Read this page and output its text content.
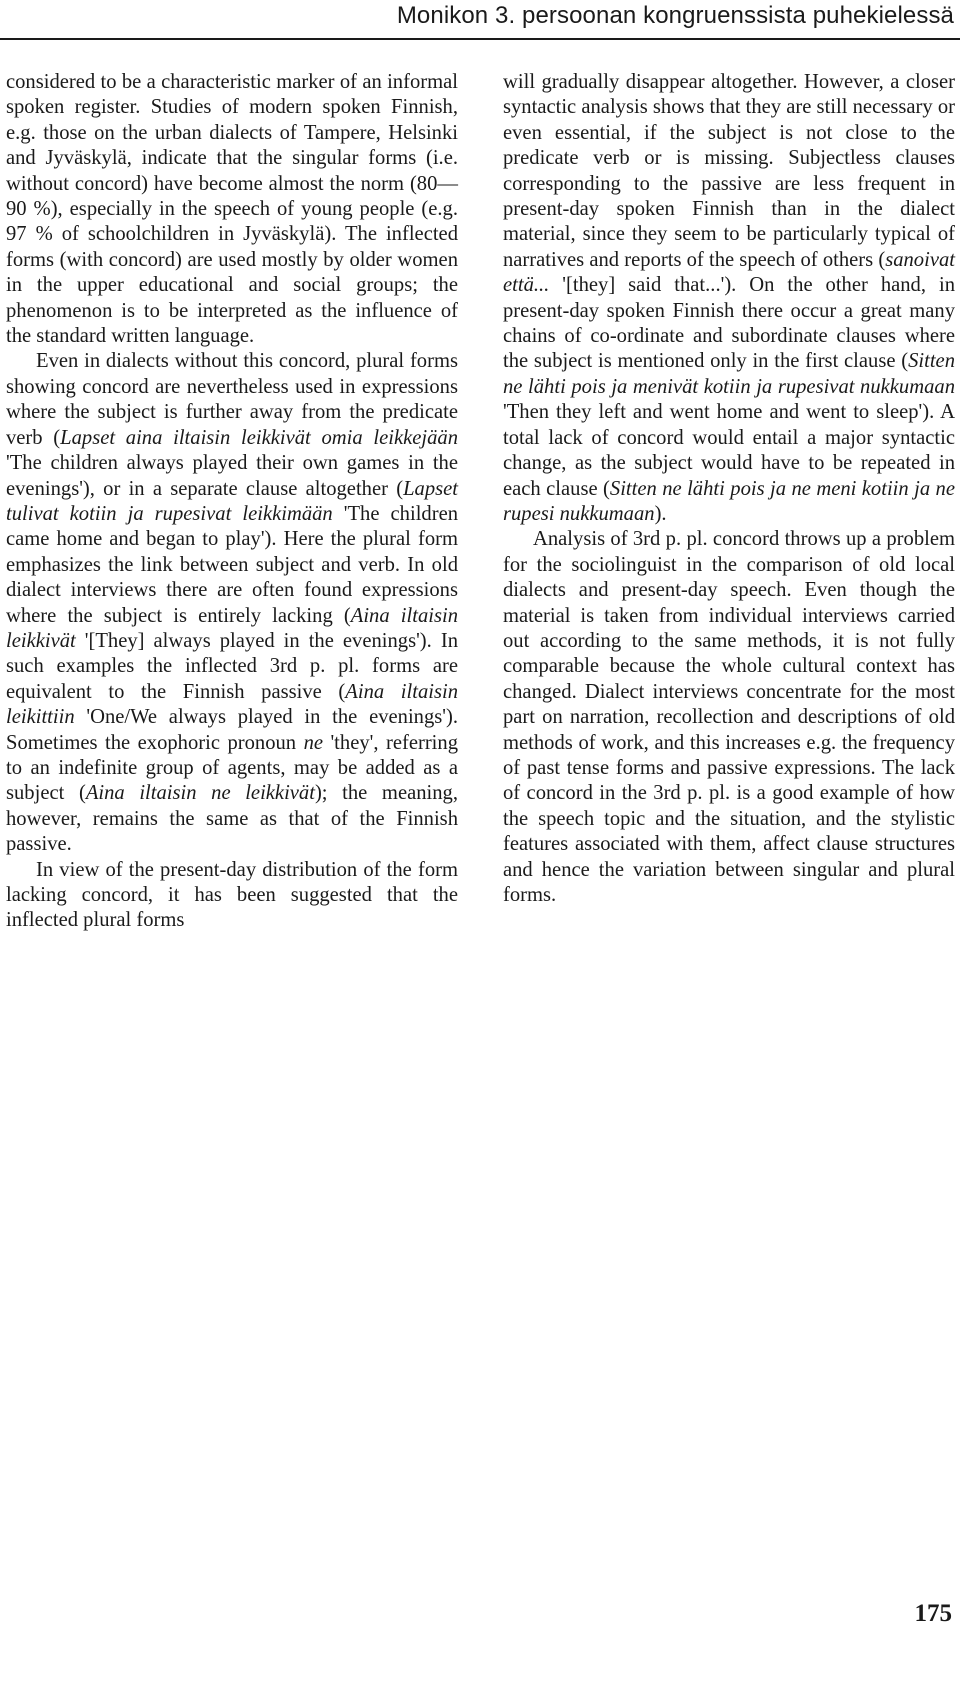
Monikon 3. persoonan kongruenssista puhekielessä

considered to be a characteristic marker of an informal spoken register. Studies of modern spoken Finnish, e.g. those on the urban dialects of Tampere, Helsinki and Jyväskylä, indicate that the singular forms (i.e. without concord) have become almost the norm (80—90 %), especially in the speech of young people (e.g. 97 % of schoolchildren in Jyväskylä). The inflected forms (with concord) are used mostly by older women in the upper educational and social groups; the phenomenon is to be interpreted as the influence of the standard written language.

Even in dialects without this concord, plural forms showing concord are nevertheless used in expressions where the subject is further away from the predicate verb (Lapset aina iltaisin leikkivät omia leikkejään 'The children always played their own games in the evenings'), or in a separate clause altogether (Lapset tulivat kotiin ja rupesivat leikkimään 'The children came home and began to play'). Here the plural form emphasizes the link between subject and verb. In old dialect interviews there are often found expressions where the subject is entirely lacking (Aina iltaisin leikkivät '[They] always played in the evenings'). In such examples the inflected 3rd p. pl. forms are equivalent to the Finnish passive (Aina iltaisin leikittiin 'One/We always played in the evenings'). Sometimes the exophoric pronoun ne 'they', referring to an indefinite group of agents, may be added as a subject (Aina iltaisin ne leikkivät); the meaning, however, remains the same as that of the Finnish passive.

In view of the present-day distribution of the form lacking concord, it has been suggested that the inflected plural forms

will gradually disappear altogether. However, a closer syntactic analysis shows that they are still necessary or even essential, if the subject is not close to the predicate verb or is missing. Subjectless clauses corresponding to the passive are less frequent in present-day spoken Finnish than in the dialect material, since they seem to be particularly typical of narratives and reports of the speech of others (sanoivat että... '[they] said that...'). On the other hand, in present-day spoken Finnish there occur a great many chains of co-ordinate and subordinate clauses where the subject is mentioned only in the first clause (Sitten ne lähti pois ja menivät kotiin ja rupesivat nukkumaan 'Then they left and went home and went to sleep'). A total lack of concord would entail a major syntactic change, as the subject would have to be repeated in each clause (Sitten ne lähti pois ja ne meni kotiin ja ne rupesi nukkumaan).

Analysis of 3rd p. pl. concord throws up a problem for the sociolinguist in the comparison of old local dialects and present-day speech. Even though the material is taken from individual interviews carried out according to the same methods, it is not fully comparable because the whole cultural context has changed. Dialect interviews concentrate for the most part on narration, recollection and descriptions of old methods of work, and this increases e.g. the frequency of past tense forms and passive expressions. The lack of concord in the 3rd p. pl. is a good example of how the speech topic and the situation, and the stylistic features associated with them, affect clause structures and hence the variation between singular and plural forms.

175
